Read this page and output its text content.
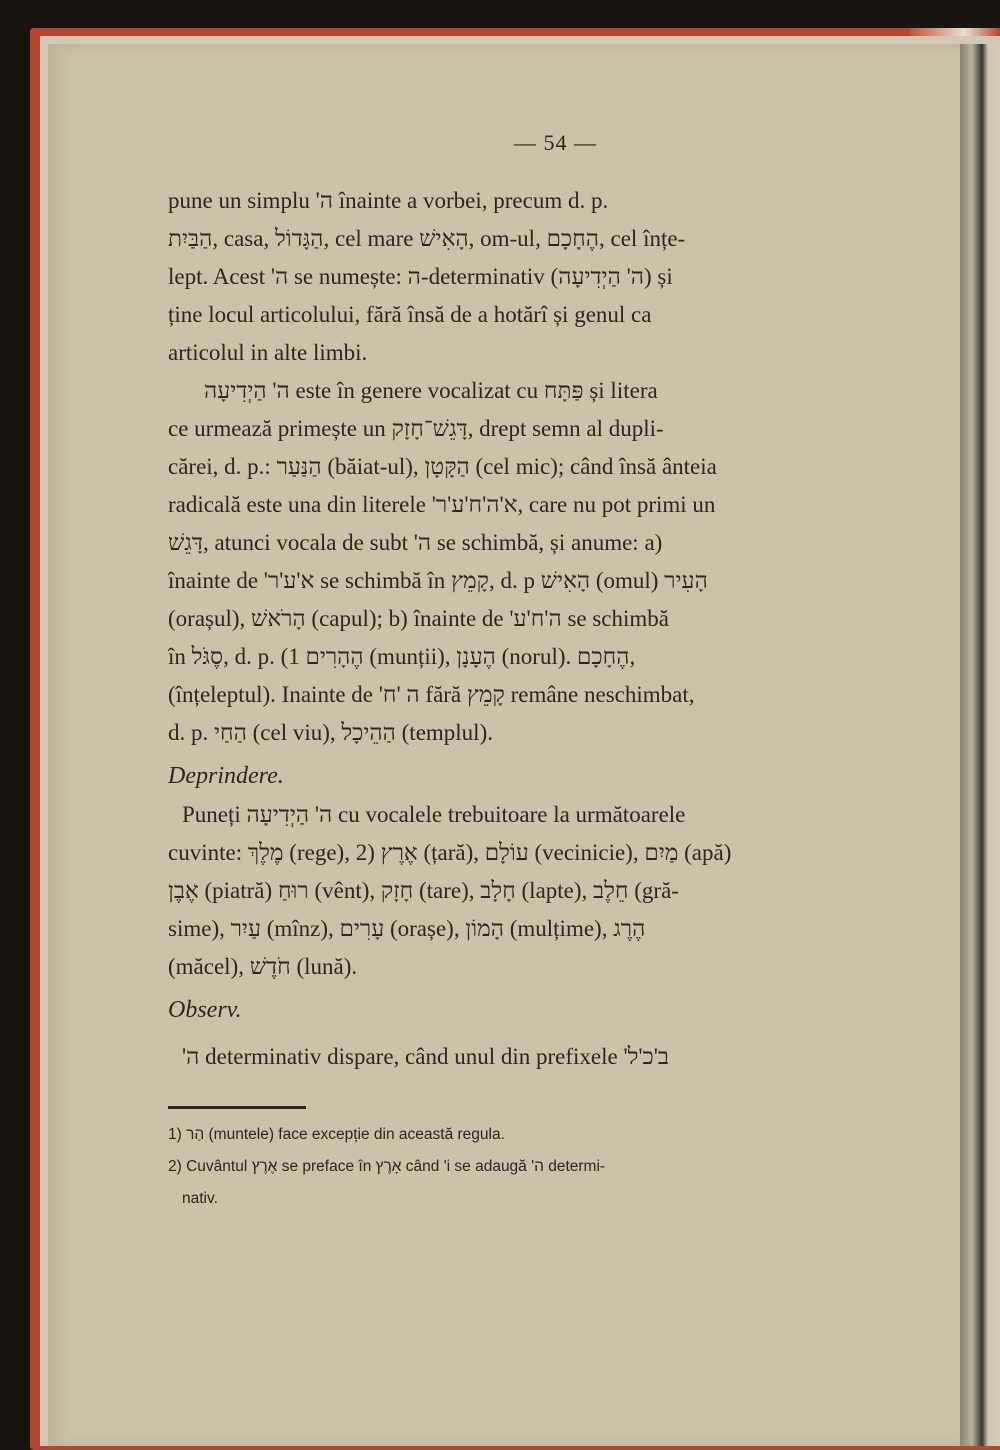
— 54 —
pune un simplu 'ה înainte a vorbei, precum d. p.
הַבַּיִת, casa, הַגָּדוֹל, cel mare הָאִישׁ, om-ul, הֶחָכָם, cel înțe-
lept. Acest 'ה se numește: ה-determinativ (ה' הַיְדִיעָה) și
ține locul articolului, fără însă de a hotărî și genul ca
articolul in alte limbi.
ה' הַיְדִיעָה este în genere vocalizat cu פַּתָּח și litera
ce urmează primește un דָּגֵשׁ־חָזָק, drept semn al dupli-
cărei, d. p.: הַנַּעַר (băiat-ul), הַקָּטָן (cel mic); când însă ânteia
radicală este una din literele 'א'ה'ח'ע'ר, care nu pot primi un
דָּגֵשׁ, atunci vocala de subt 'ה se schimbă, și anume: a)
înainte de 'א'ע'ר se schimbă în קָמֵץ, d. p הָאִישׁ (omul) הָעִיר
(orașul), הָרֹאשׁ (capul); b) înainte de 'ה'ח'ע se schimbă
în סֶגֹּל, d. p. (1 הֶהָרִים (munții), הֶעָנָן (norul). הֶחָכָם,
(înțeleptul). Inainte de 'ה 'ח fără קָמֵץ remâne neschimbat,
d. p. הַחַי (cel viu), הַהֵיכָל (templul).
Deprindere.
Puneți ה' הַיְדִיעָה cu vocalele trebuitoare la următoarele
cuvinte: מֶלֶךְ (rege), אֶרֶץ (2 (țară), עוֹלָם (vecinicie), מַיִם (apă)
אֶבֶן (piatră) רוּחַ (vênt), חָזָק (tare), חָלָב (lapte), חֵלֶב (gră-
sime), עַיִר (mînz), עָרִים (orașe), הָמוֹן (mulțime), הֶרֶג
(măcel), חֹדֶשׁ (lună).
Observ.
'ה determinativ dispare, când unul din prefixele 'ב'כ'ל
1) הַר (muntele) face excepție din această regula.
2) Cuvântul אֶרֶץ se preface în אָרֶץ când 'i se adaugă 'ה determi-
nativ.
